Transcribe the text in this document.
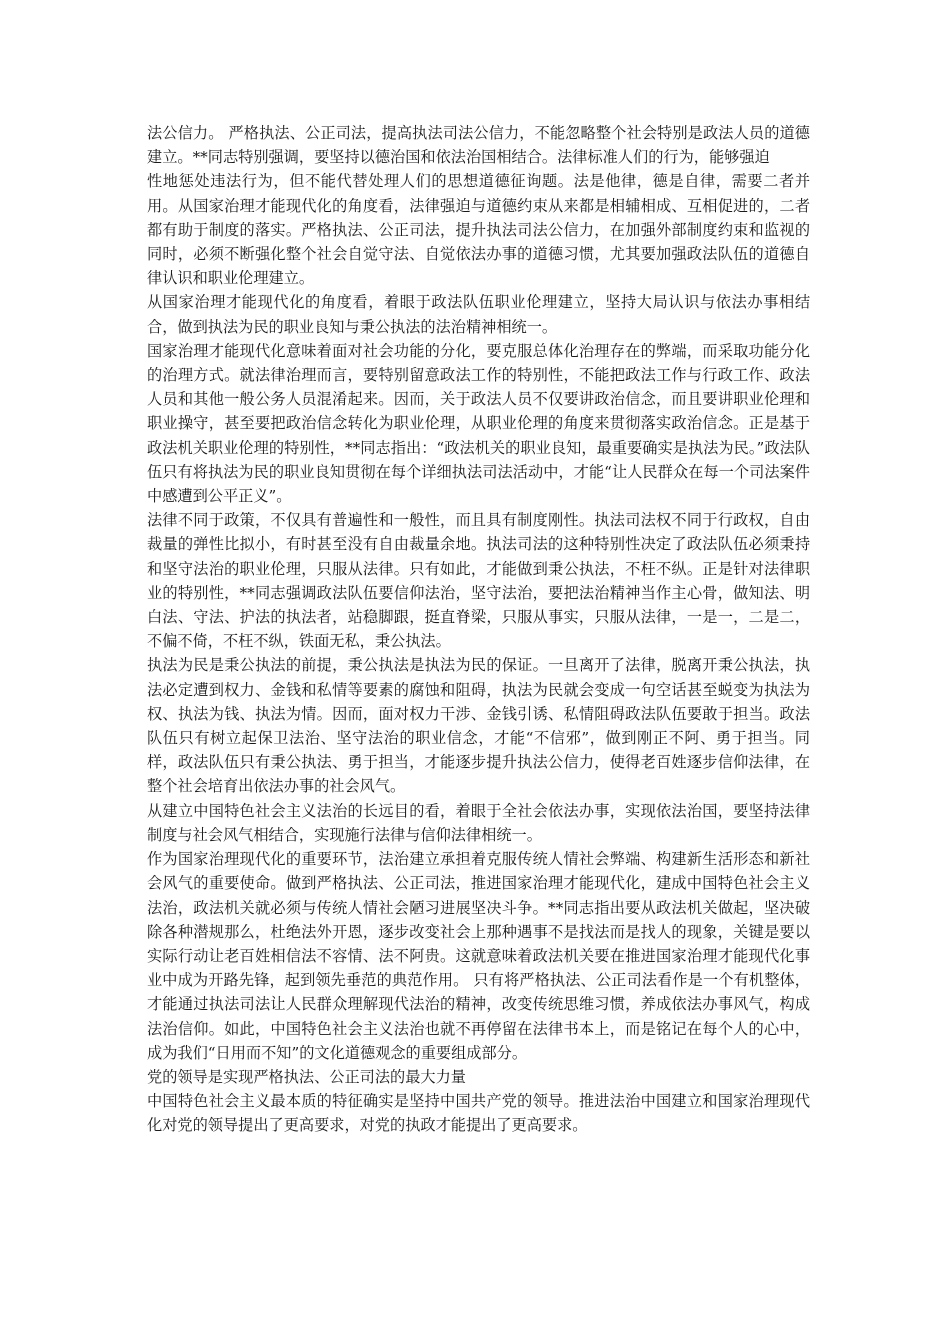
法公信力。 严格执法、公正司法，提高执法司法公信力，不能忽略整个社会特别是政法人员的道德建立。**同志特别强调，要坚持以德治国和依法治国相结合。法律标准人们的行为，能够强迫

性地惩处违法行为，但不能代替处理人们的思想道德征询题。法是他律，德是自律，需要二者并用。从国家治理才能现代化的角度看，法律强迫与道德约束从来都是相辅相成、互相促进的，二者都有助于制度的落实。严格执法、公正司法，提升执法司法公信力，在加强外部制度约束和监视的同时，必须不断强化整个社会自觉守法、自觉依法办事的道德习惯，尤其要加强政法队伍的道德自律认识和职业伦理建立。

从国家治理才能现代化的角度看，着眼于政法队伍职业伦理建立，坚持大局认识与依法办事相结合，做到执法为民的职业良知与秉公执法的法治精神相统一。

国家治理才能现代化意味着面对社会功能的分化，要克服总体化治理存在的弊端，而采取功能分化的治理方式。就法律治理而言，要特别留意政法工作的特别性，不能把政法工作与行政工作、政法人员和其他一般公务人员混淆起来。因而，关于政法人员不仅要讲政治信念，而且要讲职业伦理和职业操守，甚至要把政治信念转化为职业伦理，从职业伦理的角度来贯彻落实政治信念。正是基于政法机关职业伦理的特别性，**同志指出：“政法机关的职业良知，最重要确实是执法为民。”政法队伍只有将执法为民的职业良知贯彻在每个详细执法司法活动中，才能“让人民群众在每一个司法案件中感遭到公平正义”。

法律不同于政策，不仅具有普遍性和一般性，而且具有制度刚性。执法司法权不同于行政权，自由裁量的弹性比拟小，有时甚至没有自由裁量余地。执法司法的这种特别性决定了政法队伍必须秉持和坚守法治的职业伦理，只服从法律。只有如此，才能做到秉公执法，不枉不纵。正是针对法律职业的特别性，**同志强调政法队伍要信仰法治，坚守法治，要把法治精神当作主心骨，做知法、明白法、守法、护法的执法者，站稳脚跟，挺直脊梁，只服从事实，只服从法律，一是一，二是二，不偏不倚，不枉不纵，铁面无私，秉公执法。

执法为民是秉公执法的前提，秉公执法是执法为民的保证。一旦离开了法律，脱离开秉公执法，执法必定遭到权力、金钱和私情等要素的腐蚀和阻碍，执法为民就会变成一句空话甚至蜕变为执法为权、执法为钱、执法为情。因而，面对权力干涉、金钱引诱、私情阻碍政法队伍要敢于担当。政法队伍只有树立起保卫法治、坚守法治的职业信念，才能“不信邪”，做到刚正不阿、勇于担当。同样，政法队伍只有秉公执法、勇于担当，才能逐步提升执法公信力，使得老百姓逐步信仰法律，在整个社会培育出依法办事的社会风气。

从建立中国特色社会主义法治的长远目的看，着眼于全社会依法办事，实现依法治国，要坚持法律制度与社会风气相结合，实现施行法律与信仰法律相统一。

作为国家治理现代化的重要环节，法治建立承担着克服传统人情社会弊端、构建新生活形态和新社会风气的重要使命。做到严格执法、公正司法，推进国家治理才能现代化，建成中国特色社会主义法治，政法机关就必须与传统人情社会陋习进展坚决斗争。**同志指出要从政法机关做起，坚决破除各种潜规那么，杜绝法外开恩，逐步改变社会上那种遇事不是找法而是找人的现象，关键是要以实际行动让老百姓相信法不容情、法不阿贵。这就意味着政法机关要在推进国家治理才能现代化事业中成为开路先锋，起到领先垂范的典范作用。 只有将严格执法、公正司法看作是一个有机整体，才能通过执法司法让人民群众理解现代法治的精神，改变传统思维习惯，养成依法办事风气，构成法治信仰。如此，中国特色社会主义法治也就不再停留在法律书本上，而是铭记在每个人的心中，成为我们“日用而不知”的文化道德观念的重要组成部分。

党的领导是实现严格执法、公正司法的最大力量

中国特色社会主义最本质的特征确实是坚持中国共产党的领导。推进法治中国建立和国家治理现代化对党的领导提出了更高要求，对党的执政才能提出了更高要求。
